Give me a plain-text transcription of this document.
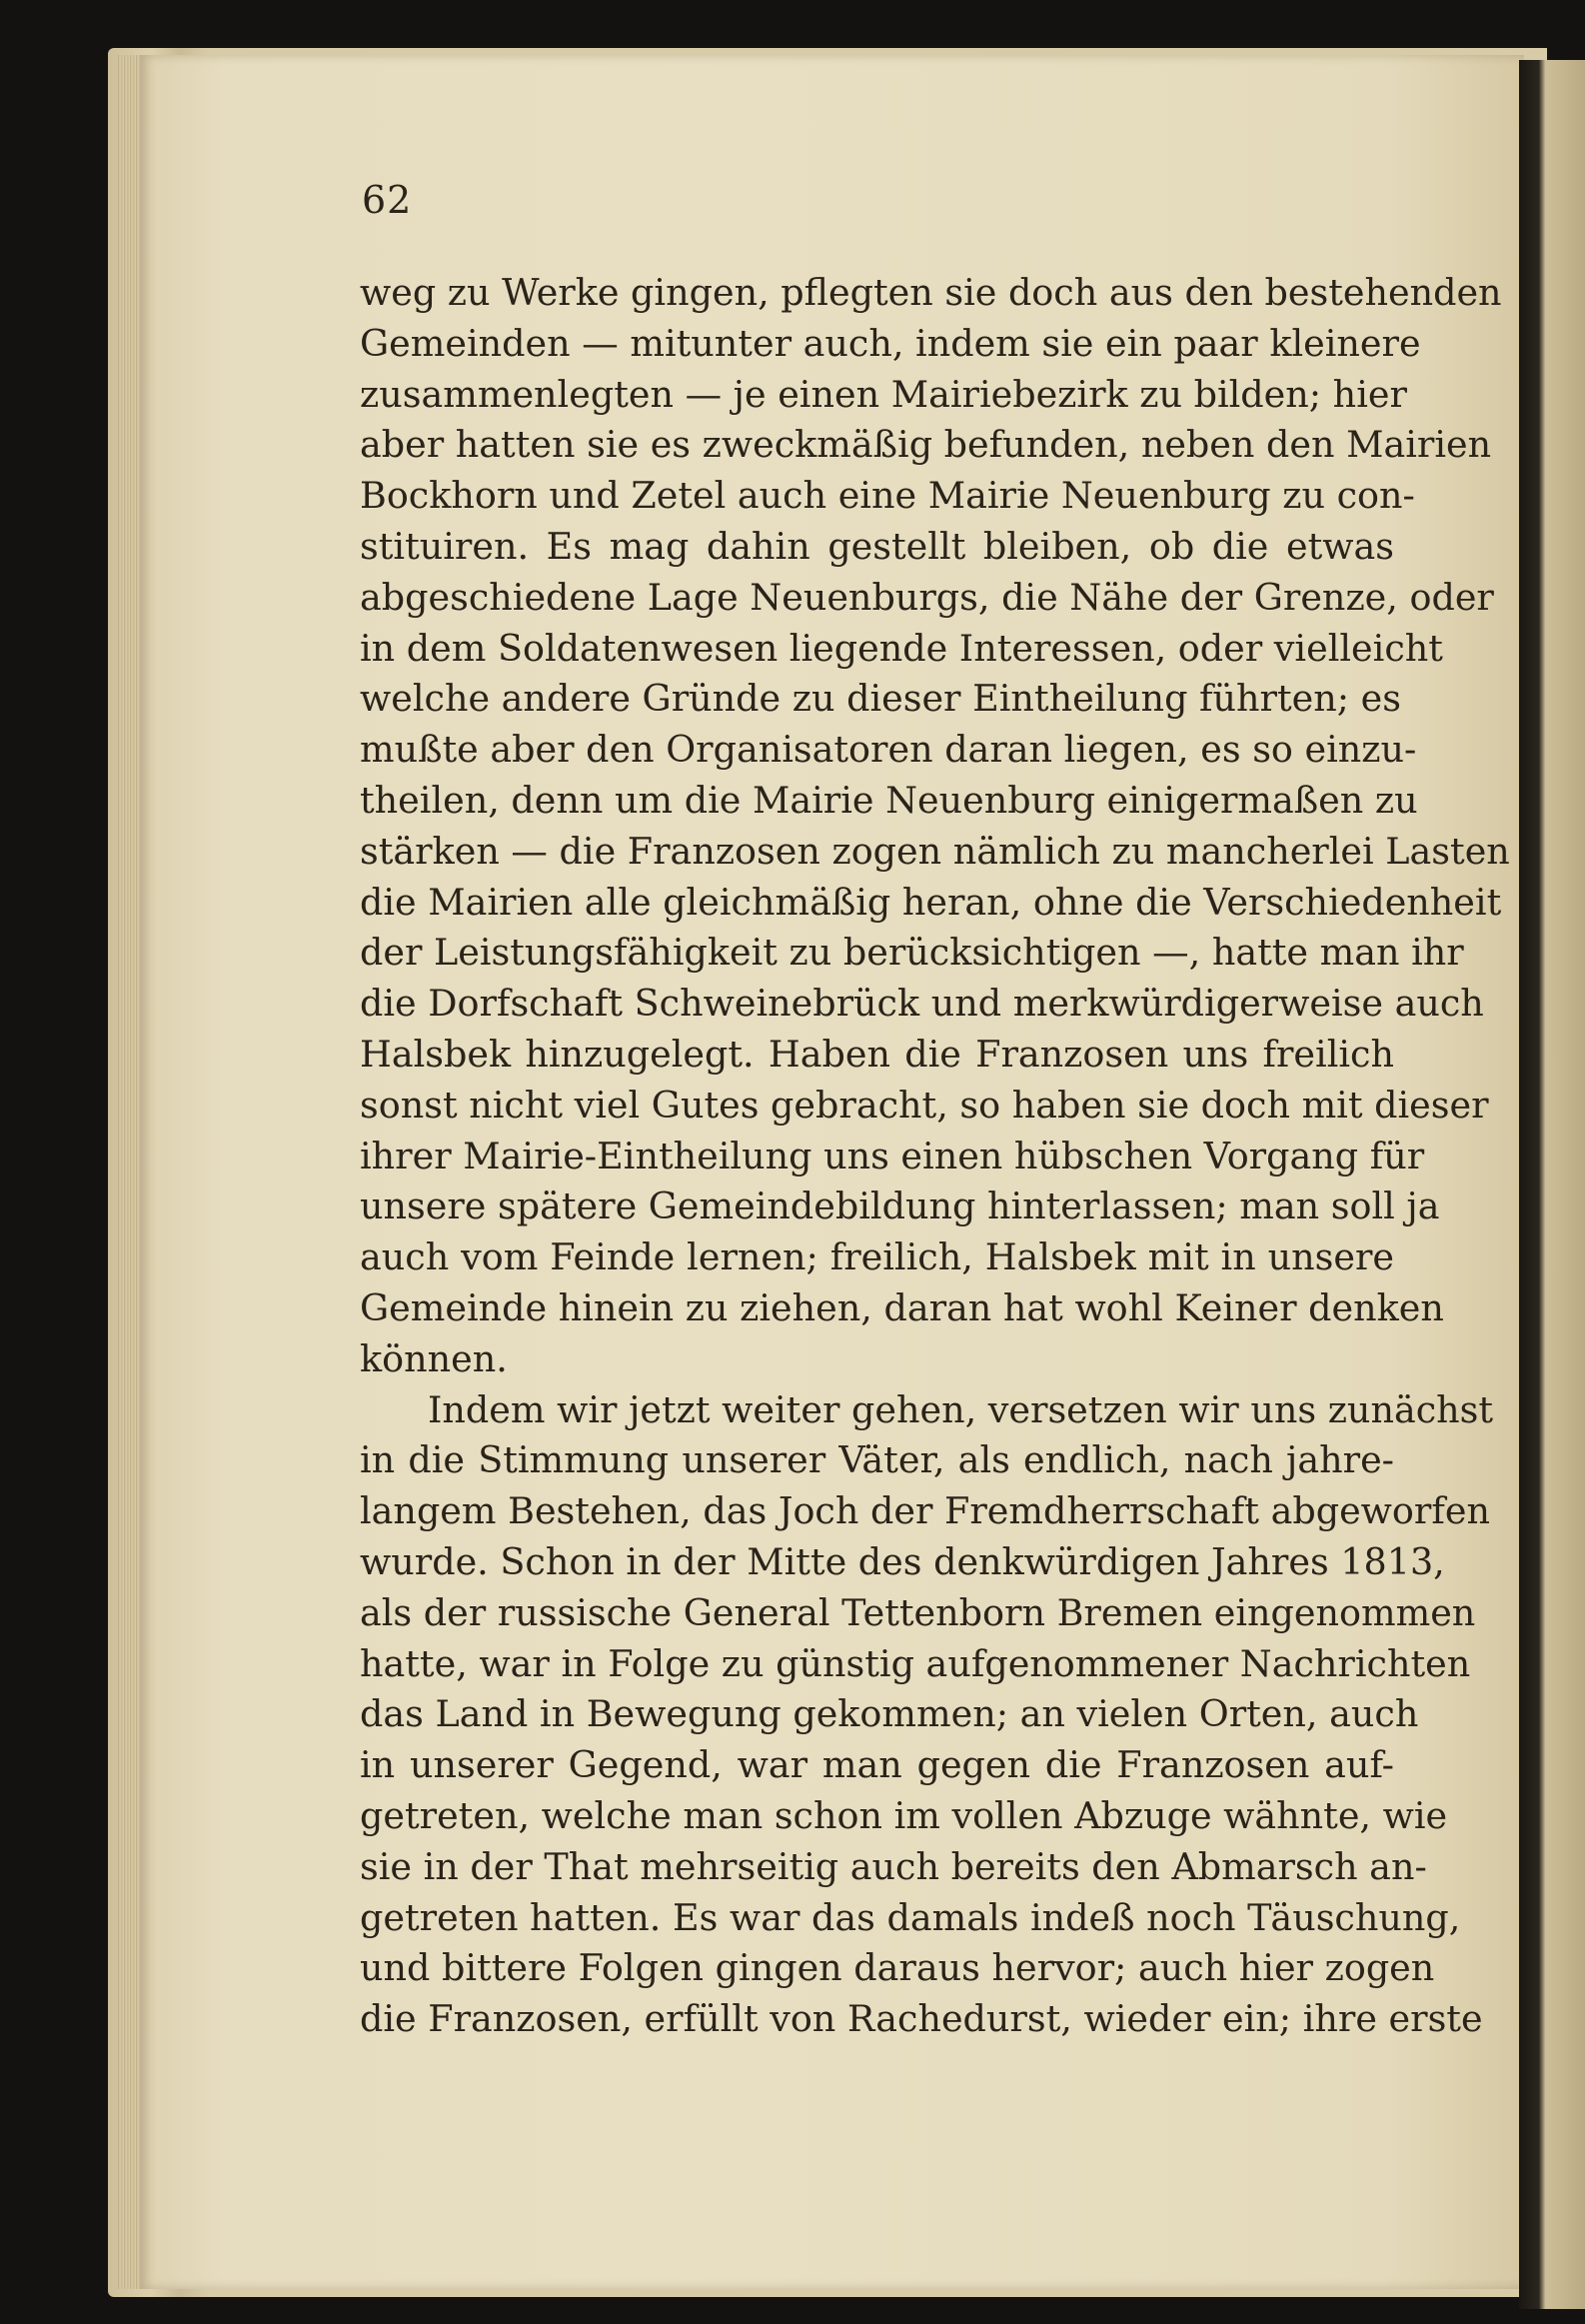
62
weg zu Werke gingen, pflegten sie doch aus den bestehenden
Gemeinden — mitunter auch, indem sie ein paar kleinere
zusammenlegten — je einen Mairiebezirk zu bilden; hier
aber hatten sie es zweckmäßig befunden, neben den Mairien
Bockhorn und Zetel auch eine Mairie Neuenburg zu con-
stituiren. Es mag dahin gestellt bleiben, ob die etwas
abgeschiedene Lage Neuenburgs, die Nähe der Grenze, oder
in dem Soldatenwesen liegende Interessen, oder vielleicht
welche andere Gründe zu dieser Eintheilung führten; es
mußte aber den Organisatoren daran liegen, es so einzu-
theilen, denn um die Mairie Neuenburg einigermaßen zu
stärken — die Franzosen zogen nämlich zu mancherlei Lasten
die Mairien alle gleichmäßig heran, ohne die Verschiedenheit
der Leistungsfähigkeit zu berücksichtigen —, hatte man ihr
die Dorfschaft Schweinebrück und merkwürdigerweise auch
Halsbek hinzugelegt. Haben die Franzosen uns freilich
sonst nicht viel Gutes gebracht, so haben sie doch mit dieser
ihrer Mairie-Eintheilung uns einen hübschen Vorgang für
unsere spätere Gemeindebildung hinterlassen; man soll ja
auch vom Feinde lernen; freilich, Halsbek mit in unsere
Gemeinde hinein zu ziehen, daran hat wohl Keiner denken
können.
Indem wir jetzt weiter gehen, versetzen wir uns zunächst
in die Stimmung unserer Väter, als endlich, nach jahre-
langem Bestehen, das Joch der Fremdherrschaft abgeworfen
wurde. Schon in der Mitte des denkwürdigen Jahres 1813,
als der russische General Tettenborn Bremen eingenommen
hatte, war in Folge zu günstig aufgenommener Nachrichten
das Land in Bewegung gekommen; an vielen Orten, auch
in unserer Gegend, war man gegen die Franzosen auf-
getreten, welche man schon im vollen Abzuge wähnte, wie
sie in der That mehrseitig auch bereits den Abmarsch an-
getreten hatten. Es war das damals indeß noch Täuschung,
und bittere Folgen gingen daraus hervor; auch hier zogen
die Franzosen, erfüllt von Rachedurst, wieder ein; ihre erste
